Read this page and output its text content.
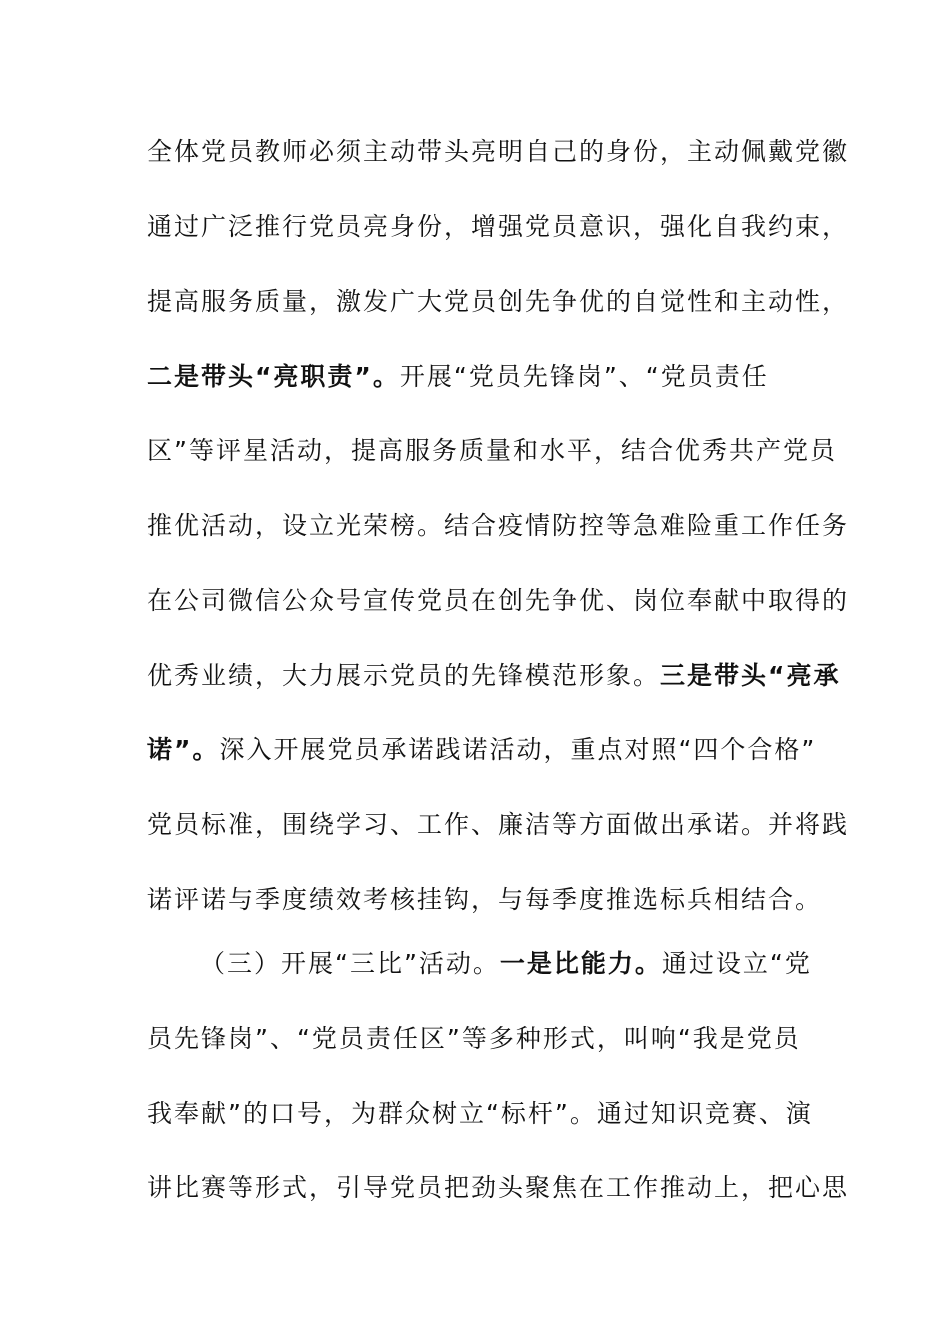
全体党员教师必须主动带头亮明自己的身份，主动佩戴党徽
通过广泛推行党员亮身份，增强党员意识，强化自我约束，
提高服务质量，激发广大党员创先争优的自觉性和主动性，
二是带头“亮职责”。开展“党员先锋岗”、“党员责任
区”等评星活动，提高服务质量和水平，结合优秀共产党员
推优活动，设立光荣榜。结合疫情防控等急难险重工作任务
在公司微信公众号宣传党员在创先争优、岗位奉献中取得的
优秀业绩，大力展示党员的先锋模范形象。三是带头“亮承
诺”。深入开展党员承诺践诺活动，重点对照“四个合格”
党员标准，围绕学习、工作、廉洁等方面做出承诺。并将践
诺评诺与季度绩效考核挂钩，与每季度推选标兵相结合。
（三）开展“三比”活动。一是比能力。通过设立“党
员先锋岗”、“党员责任区”等多种形式，叫响“我是党员
我奉献”的口号，为群众树立“标杆”。通过知识竞赛、演
讲比赛等形式，引导党员把劲头聚焦在工作推动上，把心思
